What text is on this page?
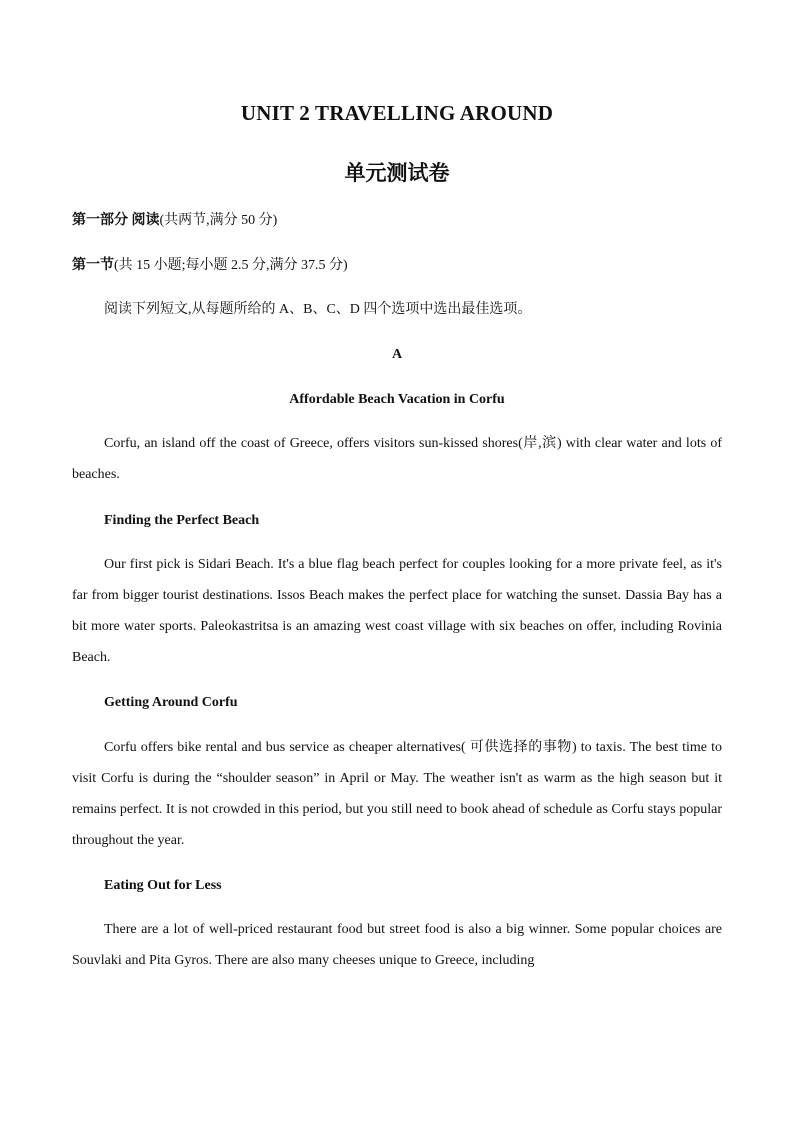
UNIT 2 TRAVELLING AROUND
单元测试卷
第一部分 阅读(共两节,满分 50 分)
第一节(共 15 小题;每小题 2.5 分,满分 37.5 分)
阅读下列短文,从每题所给的 A、B、C、D 四个选项中选出最佳选项。
A
Affordable Beach Vacation in Corfu
Corfu, an island off the coast of Greece, offers visitors sun-kissed shores(岸,滨) with clear water and lots of beaches.
Finding the Perfect Beach
Our first pick is Sidari Beach. It's a blue flag beach perfect for couples looking for a more private feel, as it's far from bigger tourist destinations. Issos Beach makes the perfect place for watching the sunset. Dassia Bay has a bit more water sports. Paleokastritsa is an amazing west coast village with six beaches on offer, including Rovinia Beach.
Getting Around Corfu
Corfu offers bike rental and bus service as cheaper alternatives( 可供选择的事物) to taxis. The best time to visit Corfu is during the “shoulder season” in April or May. The weather isn't as warm as the high season but it remains perfect. It is not crowded in this period, but you still need to book ahead of schedule as Corfu stays popular throughout the year.
Eating Out for Less
There are a lot of well-priced restaurant food but street food is also a big winner. Some popular choices are Souvlaki and Pita Gyros. There are also many cheeses unique to Greece, including
